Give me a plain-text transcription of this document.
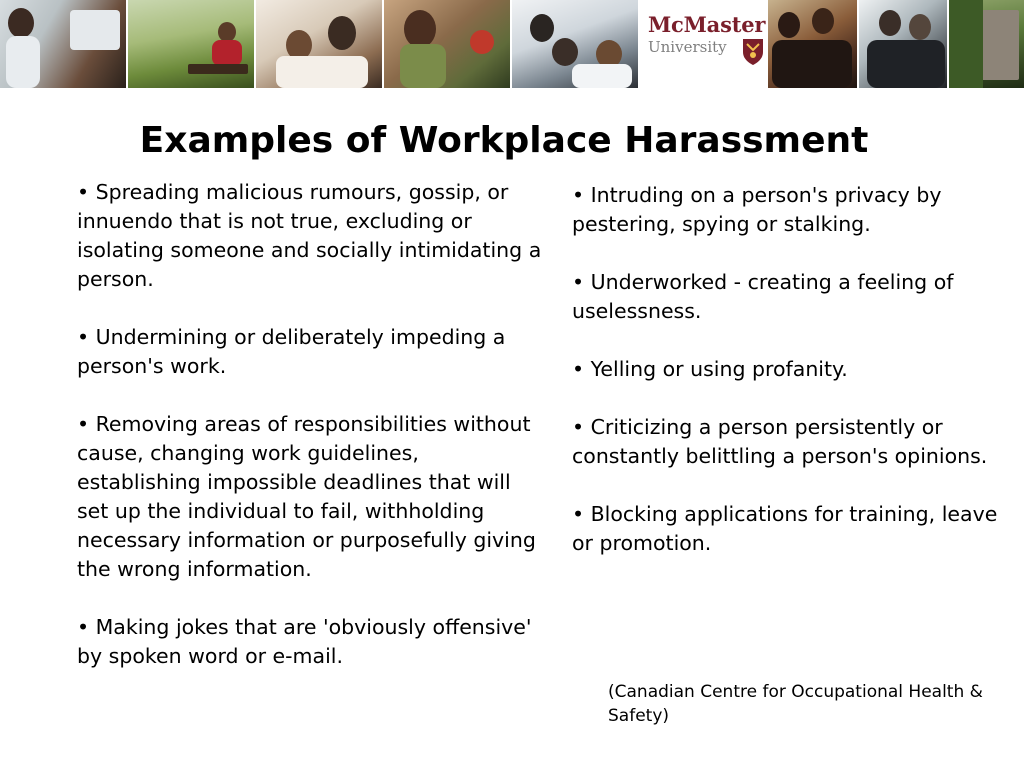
McMaster
University
Examples of Workplace Harassment
• Spreading malicious rumours, gossip, or innuendo that is not true, excluding or isolating someone and socially intimidating a person.
• Undermining or deliberately impeding a person's work.
• Removing areas of responsibilities without cause, changing work guidelines, establishing impossible deadlines that will set up the individual to fail, withholding necessary information or purposefully giving the wrong information.
• Making jokes that are 'obviously offensive' by spoken word or e-mail.
• Intruding on a person's privacy by pestering, spying or stalking.
• Underworked - creating a feeling of uselessness.
• Yelling or using profanity.
• Criticizing a person persistently or constantly belittling a person's opinions.
• Blocking applications for training, leave or promotion.
(Canadian Centre for Occupational Health & Safety)
